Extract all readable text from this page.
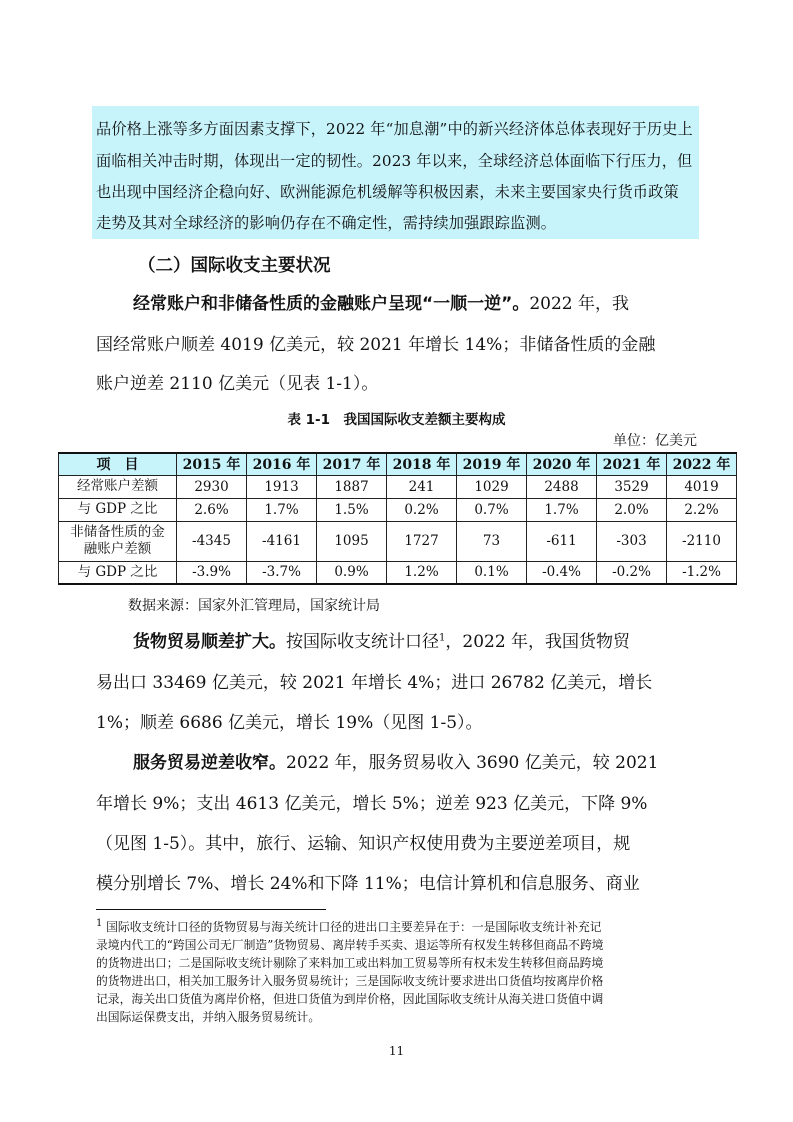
品价格上涨等多方面因素支撑下，2022 年“加息潮”中的新兴经济体总体表现好于历史上
面临相关冲击时期，体现出一定的韧性。2023 年以来，全球经济总体面临下行压力，但
也出现中国经济企稳向好、欧洲能源危机缓解等积极因素，未来主要国家央行货币政策
走势及其对全球经济的影响仍存在不确定性，需持续加强跟踪监测。
（二）国际收支主要状况
经常账户和非储备性质的金融账户呈现“一顺一逆”。2022 年，我
国经常账户顺差 4019 亿美元，较 2021 年增长 14%；非储备性质的金融
账户逆差 2110 亿美元（见表 1-1）。
表 1-1　我国国际收支差额主要构成
单位：亿美元
项　目	2015 年	2016 年	2017 年	2018 年	2019 年	2020 年	2021 年	2022 年
经常账户差额	2930	1913	1887	241	1029	2488	3529	4019
与 GDP 之比	2.6%	1.7%	1.5%	0.2%	0.7%	1.7%	2.0%	2.2%

非储备性质的金
融账户差额	-4345	-4161	1095	1727	73	-611	-303	-2110
与 GDP 之比	-3.9%	-3.7%	0.9%	1.2%	0.1%	-0.4%	-0.2%	-1.2%
数据来源：国家外汇管理局，国家统计局
货物贸易顺差扩大。按国际收支统计口径$^1$，2022 年，我国货物贸
易出口 33469 亿美元，较 2021 年增长 4%；进口 26782 亿美元，增长
1%；顺差 6686 亿美元，增长 19%（见图 1-5）。
服务贸易逆差收窄。2022 年，服务贸易收入 3690 亿美元，较 2021
年增长 9%；支出 4613 亿美元，增长 5%；逆差 923 亿美元，下降 9%
（见图 1-5）。其中，旅行、运输、知识产权使用费为主要逆差项目，规
模分别增长 7%、增长 24%和下降 11%；电信计算机和信息服务、商业
$^1$ 国际收支统计口径的货物贸易与海关统计口径的进出口主要差异在于：一是国际收支统计补充记
录境内代工的“跨国公司无厂制造”货物贸易、离岸转手买卖、退运等所有权发生转移但商品不跨境
的货物进出口；二是国际收支统计剔除了来料加工或出料加工贸易等所有权未发生转移但商品跨境
的货物进出口，相关加工服务计入服务贸易统计；三是国际收支统计要求进出口货值均按离岸价格
记录，海关出口货值为离岸价格，但进口货值为到岸价格，因此国际收支统计从海关进口货值中调
出国际运保费支出，并纳入服务贸易统计。
11
